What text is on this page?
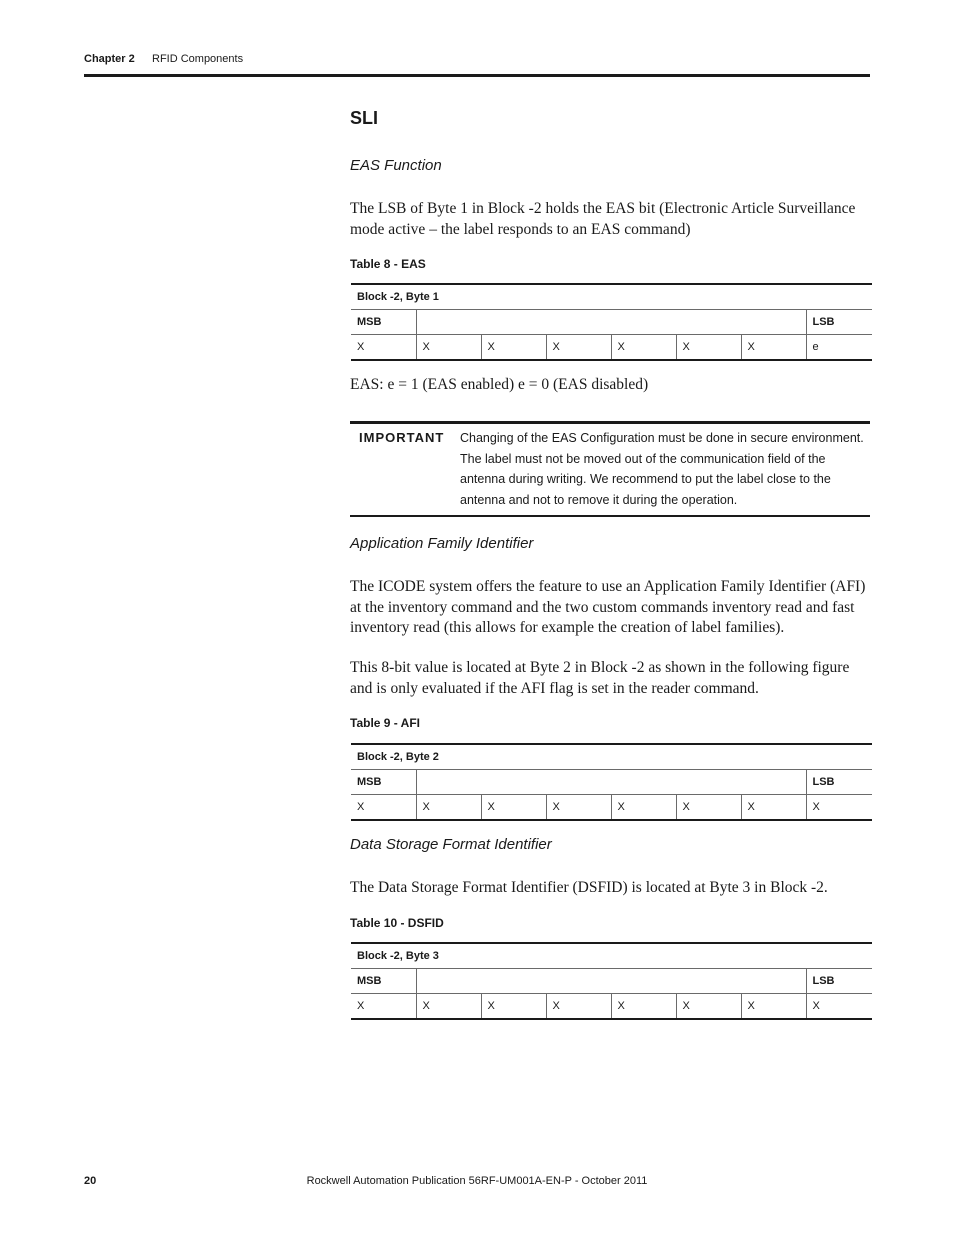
Chapter 2 RFID Components
SLI
EAS Function
The LSB of Byte 1 in Block -2 holds the EAS bit (Electronic Article Surveillance mode active – the label responds to an EAS command)
Table 8 - EAS
Block -2, Byte 1							
MSB							LSB
X	X	X	X	X	X	X	e
EAS: e = 1 (EAS enabled) e = 0 (EAS disabled)
IMPORTANT Changing of the EAS Configuration must be done in secure environment. The label must not be moved out of the communication field of the antenna during writing. We recommend to put the label close to the antenna and not to remove it during the operation.
Application Family Identifier
The ICODE system offers the feature to use an Application Family Identifier (AFI) at the inventory command and the two custom commands inventory read and fast inventory read (this allows for example the creation of label families).
This 8-bit value is located at Byte 2 in Block -2 as shown in the following figure and is only evaluated if the AFI flag is set in the reader command.
Table 9 - AFI
Block -2, Byte 2							
MSB							LSB
X	X	X	X	X	X	X	X
Data Storage Format Identifier
The Data Storage Format Identifier (DSFID) is located at Byte 3 in Block -2.
Table 10 - DSFID
Block -2, Byte 3							
MSB							LSB
X	X	X	X	X	X	X	X
20	Rockwell Automation Publication 56RF-UM001A-EN-P - October 2011
